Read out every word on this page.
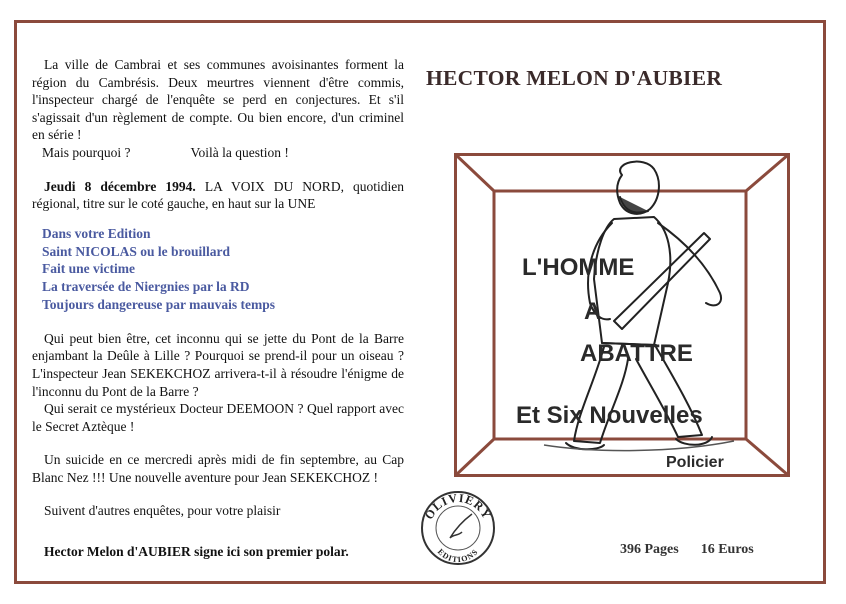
La ville de Cambrai et ses communes avoisinantes forment la région du Cambrésis. Deux meurtres viennent d'être commis, l'inspecteur chargé de l'enquête se perd en conjectures. Et s'il s'agissait d'un règlement de compte. Ou bien encore, d'un criminel en série !

Mais pourquoi ?	Voilà la question !

Jeudi 8 décembre 1994. LA VOIX DU NORD, quotidien régional, titre sur le coté gauche, en haut sur la UNE

Dans votre Edition
Saint NICOLAS ou le brouillard
Fait une victime
La traversée de Niergnies par la RD
Toujours dangereuse par mauvais temps

Qui peut bien être, cet inconnu qui se jette du Pont de la Barre enjambant la Deûle à Lille ? Pourquoi se prend-il pour un oiseau ? L'inspecteur Jean SEKEKCHOZ arrivera-t-il à résoudre l'énigme de l'inconnu du Pont de la Barre ?

Qui serait ce mystérieux Docteur DEEMOON ? Quel rapport avec le Secret Aztèque !

Un suicide en ce mercredi après midi de fin septembre, au Cap Blanc Nez !!! Une nouvelle aventure pour Jean SEKEKCHOZ !

Suivent d'autres enquêtes, pour votre plaisir

Hector Melon d'AUBIER signe ici son premier polar.
HECTOR MELON D'AUBIER
L'HOMME
A
ABATTRE
Et Six Nouvelles
Policier
OLIVIERY
EDITIONS	396 Pages 16 Euros
